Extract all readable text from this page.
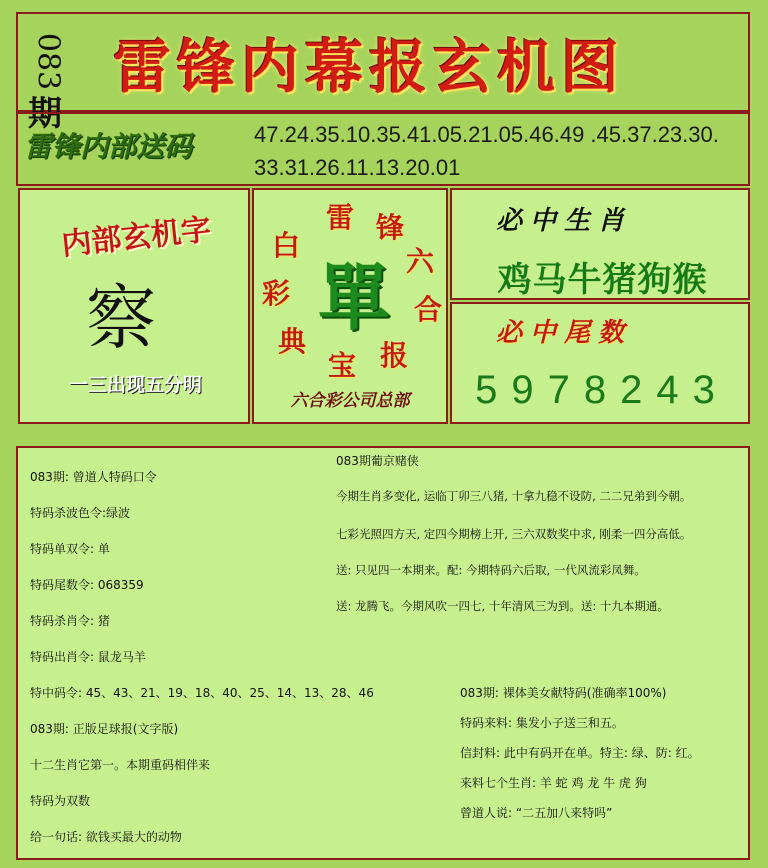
083
期
雷锋内幕报玄机图
雷锋内部送码	47.24.35.10.35.41.05.21.05.46.49 .45.37.23.30.
33.31.26.11.13.20.01
内部玄机字
察
一三出现五分明
白
雷 锋
六
合
报
宝
典
彩 單
六合彩公司总部
必中生肖
鸡马牛猪狗猴
必中尾数
5978243
083期: 曾道人特码口令
特码杀波色令:绿波
特码单双令: 单
特码尾数令: 068359
特码杀肖令: 猪
特码出肖令: 鼠龙马羊
特中码令: 45、43、21、19、18、40、25、14、13、28、46
083期: 正版足球报(文字版)
十二生肖它第一。本期重码相伴来
特码为双数
给一句话: 欲钱买最大的动物
083期葡京赌侠
今期生肖多变化, 运临丁卯三八猪, 十拿九稳不设防, 二二兄弟到今朝。
七彩光照四方天, 定四今期榜上开, 三六双数奖中求, 刚柔一四分高低。
送: 只见四一本期来。配: 今期特码六后取, 一代风流彩凤舞。
送: 龙腾飞。今期风吹一四七, 十年清风三为到。送: 十九本期通。
083期: 裸体美女献特码(准确率100%)
特码来料: 集发小子送三和五。
信封料: 此中有码开在单。特主: 绿、防: 红。
来料七个生肖: 羊 蛇 鸡 龙 牛 虎 狗
曾道人说: “二五加八来特吗”
